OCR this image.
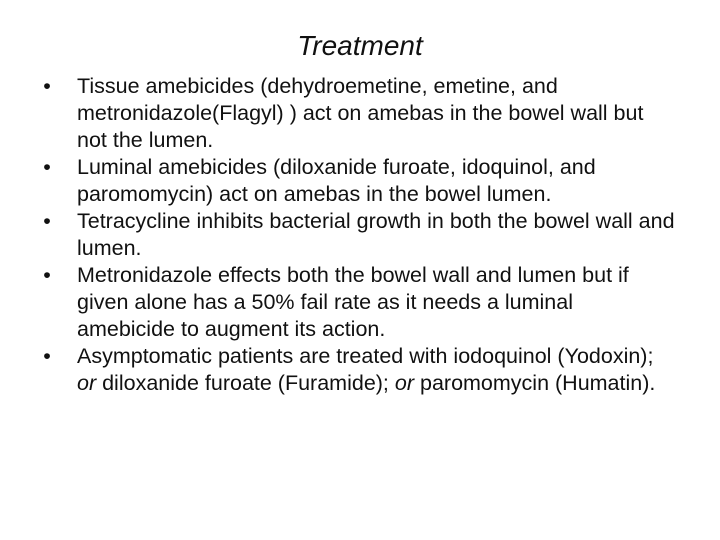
Treatment
• Tissue amebicides (dehydroemetine, emetine, and metronidazole(Flagyl) ) act on amebas in the bowel wall but not the lumen.
• Luminal amebicides (diloxanide furoate, idoquinol, and paromomycin) act on amebas in the bowel lumen.
• Tetracycline inhibits bacterial growth in both the bowel wall and lumen.
• Metronidazole effects both the bowel wall and lumen but if given alone has a 50% fail rate as it needs a luminal amebicide to augment its action.
• Asymptomatic patients are treated with iodoquinol (Yodoxin); or diloxanide furoate (Furamide); or paromomycin (Humatin).
